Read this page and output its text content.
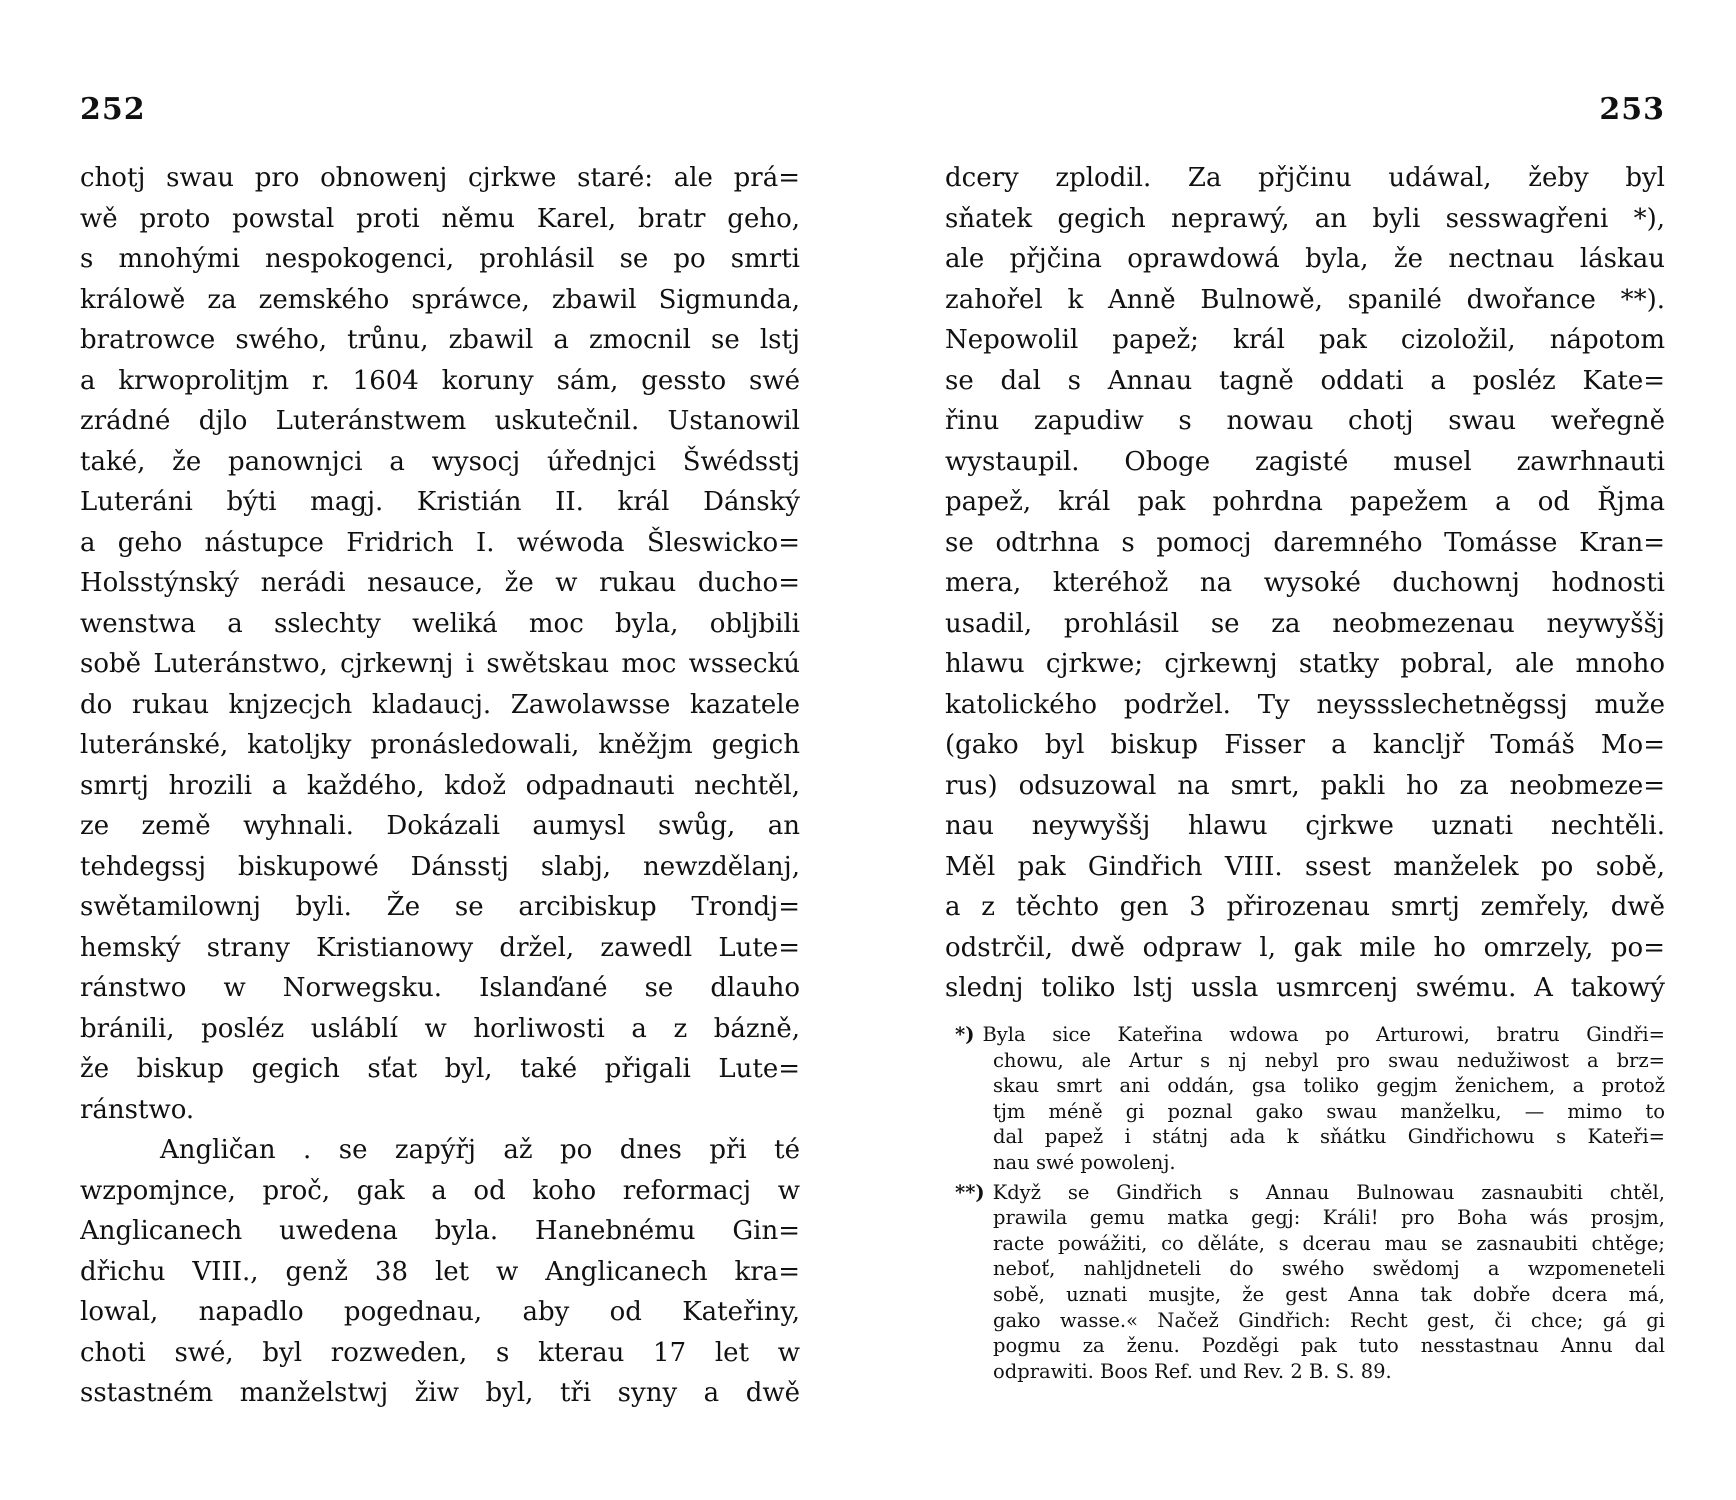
252
chotj swau pro obnowenj cjrkwe staré: ale prá=
wě proto powstal proti němu Karel, bratr geho,
s mnohými nespokogenci, prohlásil se po smrti
králowě za zemského spráwce, zbawil Sigmunda,
bratrowce swého, trůnu, zbawil a zmocnil se lstj
a krwoprolitjm r. 1604 koruny sám, gessto swé
zrádné djlo Luteránstwem uskutečnil. Ustanowil
také, že panownjci a wysocj úřednjci Šwédsstj
Luteráni býti magj. Kristián II. král Dánský
a geho nástupce Fridrich I. wéwoda Šleswicko=
Holsstýnský nerádi nesauce, že w rukau ducho=
wenstwa a sslechty weliká moc byla, oblјbili
sobě Luteránstwo, cjrkewnj i swětskau moc wsseckú
do rukau knjzecjch kladaucj. Zawolawsse kazatele
luteránské, katolјky pronásledowali, kněžjm gegich
smrtj hrozili a každého, kdož odpadnauti nechtěl,
ze země wyhnali. Dokázali aumysl swůg, an
tehdegssj biskupowé Dánsstj slabj, newzdělanj,
swětamilownj byli. Že se arcibiskup Trondj=
hemský strany Kristianowy držel, zawedl Lute=
ránstwo w Norwegsku. Islanďané se dlauho
bránili, posléz usláblí w horliwosti a z bázně,
že biskup gegich sťat byl, také přigali Lute=
ránstwo.
Angličan . se zapýřj až po dnes při té
wzpomjnce, proč, gak a od koho reformacj w
Anglicanech uwedena byla. Hanebnému Gin=
dřichu VIII., genž 38 let w Anglicanech kra=
lowal, napadlo pogednau, aby od Kateřiny,
choti swé, byl rozweden, s kterau 17 let w
sstastném manželstwj žiw byl, tři syny a dwě
253
dcery zplodil. Za přjčinu udáwal, žeby byl
sňatek gegich neprawý, an byli sesswagřeni *),
ale přjčina oprawdowá byla, že nectnau láskau
zahořel k Anně Bulnowě, spanilé dwořance **).
Nepowolil papež; král pak cizoložil, nápotom
se dal s Annau tagně oddati a posléz Kate=
řinu zapudiw s nowau chotj swau weřegně
wystaupil. Oboge zagisté musel zawrhnauti
papež, král pak pohrdna papežem a od Řjma
se odtrhna s pomocj daremného Tomásse Kran=
mera, kteréhož na wysoké duchownj hodnosti
usadil, prohlásil se za neobmezenau neywyššj
hlawu cjrkwe; cjrkewnj statky pobral, ale mnoho
katolického podržel. Ty neyssslechetněgssj muže
(gako byl biskup Fisser a kanclјř Tomáš Mo=
rus) odsuzowal na smrt, pakli ho za neobmeze=
nau neywyššj hlawu cjrkwe uznati nechtěli.
Měl pak Gindřich VIII. ssest manželek po sobě,
a z těchto gen 3 přirozenau smrtj zemřely, dwě
odstrčil, dwě odpraw l, gak mile ho omrzely, po=
slednj toliko lstj ussla usmrcenj swému. A takowý
*) Byla sice Kateřina wdowa po Arturowi, bratru Gindři=
chowu, ale Artur s nj nebyl pro swau nedužiwost a brz=
skau smrt ani oddán, gsa toliko gegjm ženichem, a protož
tjm méně gi poznal gako swau manželku, — mimo to
dal papež i státnj ada k sňátku Gindřichowu s Kateři=
nau swé powolenj.
**) Když se Gindřich s Annau Bulnowau zasnaubiti chtěl,
prawila gemu matka gegj: Králi! pro Boha wás prosjm,
racte powážiti, co děláte, s dcerau mau se zasnaubiti chtěge;
neboť, nahljdneteli do swého swědomj a wzpomeneteli
sobě, uznati musjte, že gest Anna tak dobře dcera má,
gako wasse.« Načež Gindřich: Recht gest, či chce; gá gi
pogmu za ženu. Pozděgi pak tuto nesstastnau Annu dal
odprawiti. Boos Ref. und Rev. 2 B. S. 89.
